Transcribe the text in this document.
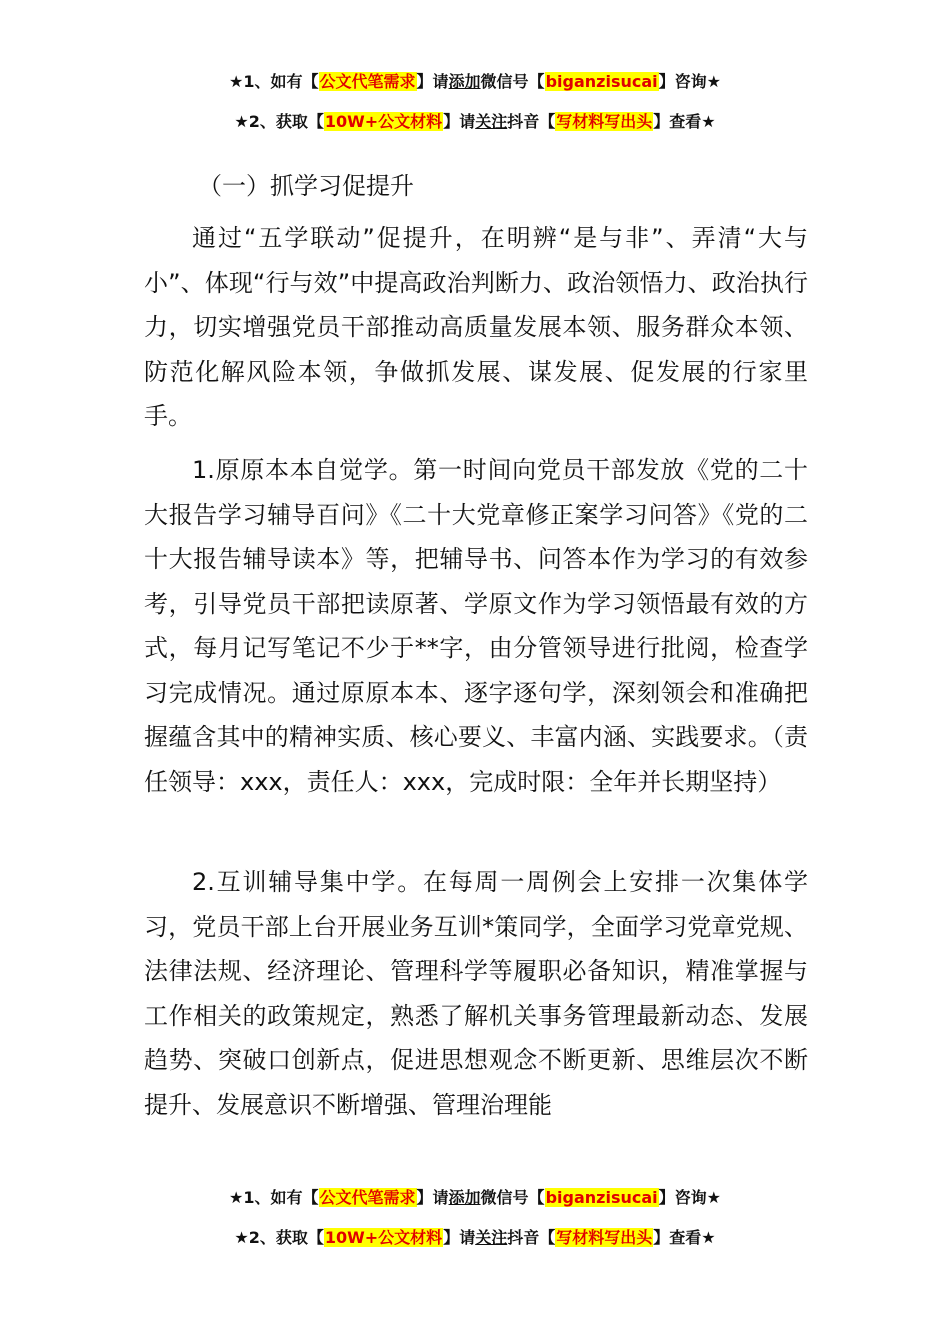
★1、如有【公文代笔需求】请添加微信号【biganzisucai】咨询★
★2、获取【10W+公文材料】请关注抖音【写材料写出头】查看★
（一）抓学习促提升
通过“五学联动”促提升，在明辨“是与非”、弄清“大与小”、体现“行与效”中提高政治判断力、政治领悟力、政治执行力，切实增强党员干部推动高质量发展本领、服务群众本领、防范化解风险本领，争做抓发展、谋发展、促发展的行家里手。
1.原原本本自觉学。第一时间向党员干部发放《党的二十大报告学习辅导百问》《二十大党章修正案学习问答》《党的二十大报告辅导读本》等，把辅导书、问答本作为学习的有效参考，引导党员干部把读原著、学原文作为学习领悟最有效的方式，每月记写笔记不少于**字，由分管领导进行批阅，检查学习完成情况。通过原原本本、逐字逐句学，深刻领会和准确把握蕴含其中的精神实质、核心要义、丰富内涵、实践要求。（责任领导：xxx，责任人：xxx，完成时限：全年并长期坚持）
2.互训辅导集中学。在每周一周例会上安排一次集体学习，党员干部上台开展业务互训*策同学，全面学习党章党规、法律法规、经济理论、管理科学等履职必备知识，精准掌握与工作相关的政策规定，熟悉了解机关事务管理最新动态、发展趋势、突破口创新点，促进思想观念不断更新、思维层次不断提升、发展意识不断增强、管理治理能
★1、如有【公文代笔需求】请添加微信号【biganzisucai】咨询★
★2、获取【10W+公文材料】请关注抖音【写材料写出头】查看★
